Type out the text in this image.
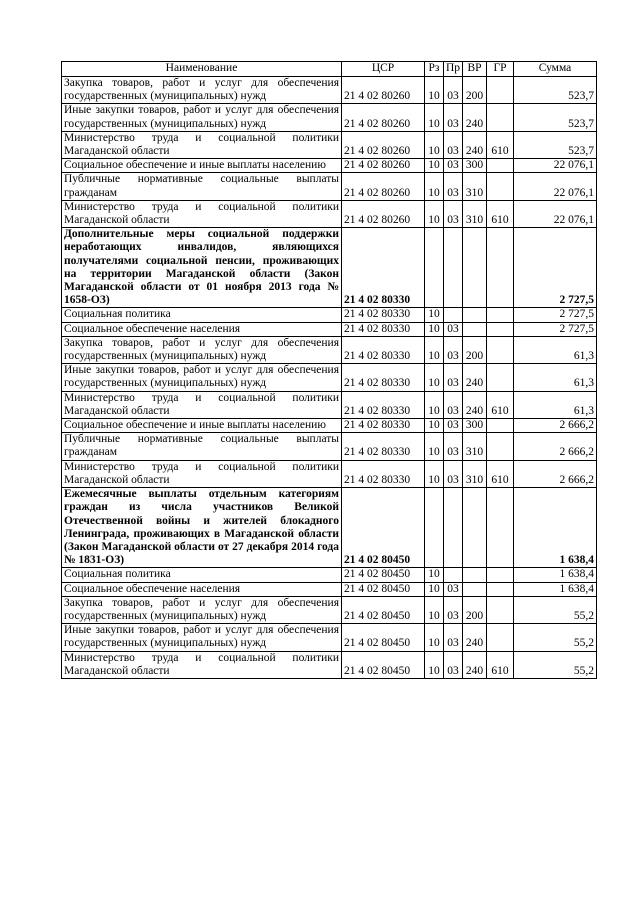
Наименование	ЦСР	Рз	Пр	ВР	ГР	Сумма
Закупка товаров, работ и услуг для обеспечения государственных (муниципальных) нужд	21 4 02 80260	10	03	200		523,7
Иные закупки товаров, работ и услуг для обеспечения государственных (муниципальных) нужд	21 4 02 80260	10	03	240		523,7
Министерство труда и социальной политики Магаданской области	21 4 02 80260	10	03	240	610	523,7
Социальное обеспечение и иные выплаты населению	21 4 02 80260	10	03	300		22 076,1
Публичные нормативные социальные выплаты гражданам	21 4 02 80260	10	03	310		22 076,1
Министерство труда и социальной политики Магаданской области	21 4 02 80260	10	03	310	610	22 076,1
Дополнительные меры социальной поддержки неработающих инвалидов, являющихся получателями социальной пенсии, проживающих на территории Магаданской области (Закон Магаданской области от 01 ноября 2013 года № 1658-ОЗ)	21 4 02 80330					2 727,5
Социальная политика	21 4 02 80330	10				2 727,5
Социальное обеспечение населения	21 4 02 80330	10	03			2 727,5
Закупка товаров, работ и услуг для обеспечения государственных (муниципальных) нужд	21 4 02 80330	10	03	200		61,3
Иные закупки товаров, работ и услуг для обеспечения государственных (муниципальных) нужд	21 4 02 80330	10	03	240		61,3
Министерство труда и социальной политики Магаданской области	21 4 02 80330	10	03	240	610	61,3
Социальное обеспечение и иные выплаты населению	21 4 02 80330	10	03	300		2 666,2
Публичные нормативные социальные выплаты гражданам	21 4 02 80330	10	03	310		2 666,2
Министерство труда и социальной политики Магаданской области	21 4 02 80330	10	03	310	610	2 666,2
Ежемесячные выплаты отдельным категориям граждан из числа участников Великой Отечественной войны и жителей блокадного Ленинграда, проживающих в Магаданской области (Закон Магаданской области от 27 декабря 2014 года № 1831-ОЗ)	21 4 02 80450					1 638,4
Социальная политика	21 4 02 80450	10				1 638,4
Социальное обеспечение населения	21 4 02 80450	10	03			1 638,4
Закупка товаров, работ и услуг для обеспечения государственных (муниципальных) нужд	21 4 02 80450	10	03	200		55,2
Иные закупки товаров, работ и услуг для обеспечения государственных (муниципальных) нужд	21 4 02 80450	10	03	240		55,2
Министерство труда и социальной политики Магаданской области	21 4 02 80450	10	03	240	610	55,2
